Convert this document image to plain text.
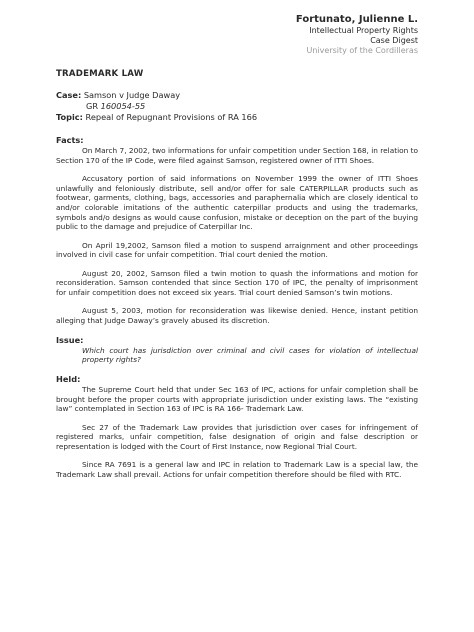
Fortunato, Julienne L.
Intellectual Property Rights
Case Digest
University of the Cordilleras
TRADEMARK LAW
Case: Samson v Judge Daway
GR 160054-55
Topic: Repeal of Repugnant Provisions of RA 166
Facts:

On March 7, 2002, two informations for unfair competition under Section 168, in relation to Section 170 of the IP Code, were filed against Samson, registered owner of ITTI Shoes.

Accusatory portion of said informations on November 1999 the owner of ITTI Shoes unlawfully and feloniously distribute, sell and/or offer for sale CATERPILLAR products such as footwear, garments, clothing, bags, accessories and paraphernalia which are closely identical to and/or colorable imitations of the authentic caterpillar products and using the trademarks, symbols and/o designs as would cause confusion, mistake or deception on the part of the buying public to the damage and prejudice of Caterpillar Inc.

On April 19,2002, Samson filed a motion to suspend arraignment and other proceedings involved in civil case for unfair competition. Trial court denied the motion.

August 20, 2002, Samson filed a twin motion to quash the informations and motion for reconsideration. Samson contended that since Section 170 of IPC, the penalty of imprisonment for unfair competition does not exceed six years. Trial court denied Samson’s twin motions.

August 5, 2003, motion for reconsideration was likewise denied. Hence, instant petition alleging that Judge Daway’s gravely abused its discretion.

Issue:

Which court has jurisdiction over criminal and civil cases for violation of intellectual property rights?

Held:

The Supreme Court held that under Sec 163 of IPC, actions for unfair completion shall be brought before the proper courts with appropriate jurisdiction under existing laws. The “existing law” contemplated in Section 163 of IPC is RA 166- Trademark Law.

Sec 27 of the Trademark Law provides that jurisdiction over cases for infringement of registered marks, unfair competition, false designation of origin and false description or representation is lodged with the Court of First Instance, now Regional Trial Court.

Since RA 7691 is a general law and IPC in relation to Trademark Law is a special law, the Trademark Law shall prevail. Actions for unfair competition therefore should be filed with RTC.
